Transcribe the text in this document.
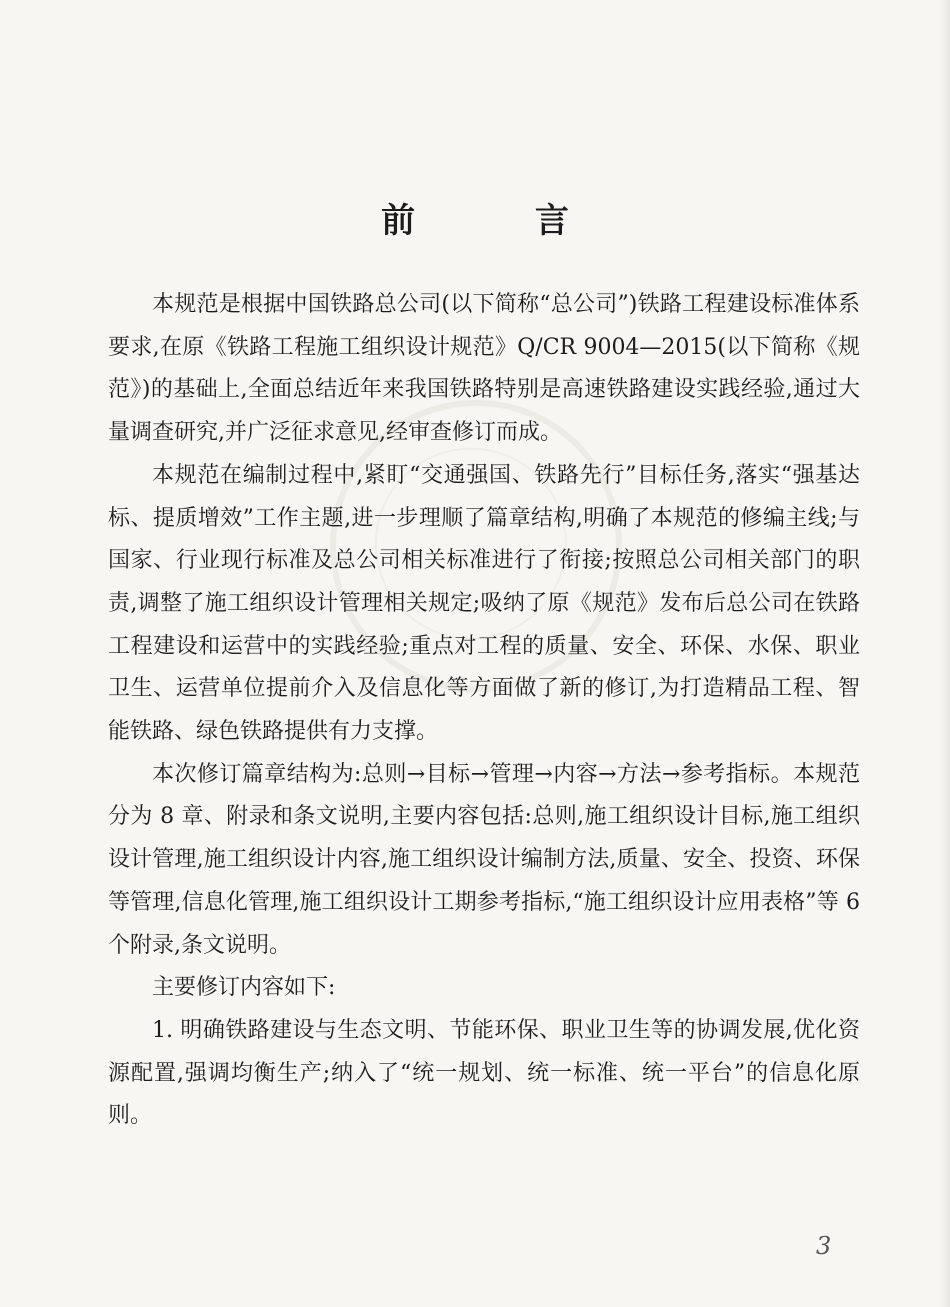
前 言

本规范是根据中国铁路总公司(以下简称“总公司”)铁路工程建设标准体系要求,在原《铁路工程施工组织设计规范》Q/CR 9004—2015(以下简称《规范》)的基础上,全面总结近年来我国铁路特别是高速铁路建设实践经验,通过大量调查研究,并广泛征求意见,经审查修订而成。

本规范在编制过程中,紧盯“交通强国、铁路先行”目标任务,落实“强基达标、提质增效”工作主题,进一步理顺了篇章结构,明确了本规范的修编主线;与国家、行业现行标准及总公司相关标准进行了衔接;按照总公司相关部门的职责,调整了施工组织设计管理相关规定;吸纳了原《规范》发布后总公司在铁路工程建设和运营中的实践经验;重点对工程的质量、安全、环保、水保、职业卫生、运营单位提前介入及信息化等方面做了新的修订,为打造精品工程、智能铁路、绿色铁路提供有力支撑。

本次修订篇章结构为:总则→目标→管理→内容→方法→参考指标。本规范分为 8 章、附录和条文说明,主要内容包括:总则,施工组织设计目标,施工组织设计管理,施工组织设计内容,施工组织设计编制方法,质量、安全、投资、环保等管理,信息化管理,施工组织设计工期参考指标,“施工组织设计应用表格”等 6 个附录,条文说明。

主要修订内容如下:

1. 明确铁路建设与生态文明、节能环保、职业卫生等的协调发展,优化资源配置,强调均衡生产;纳入了“统一规划、统一标准、统一平台”的信息化原则。

3
